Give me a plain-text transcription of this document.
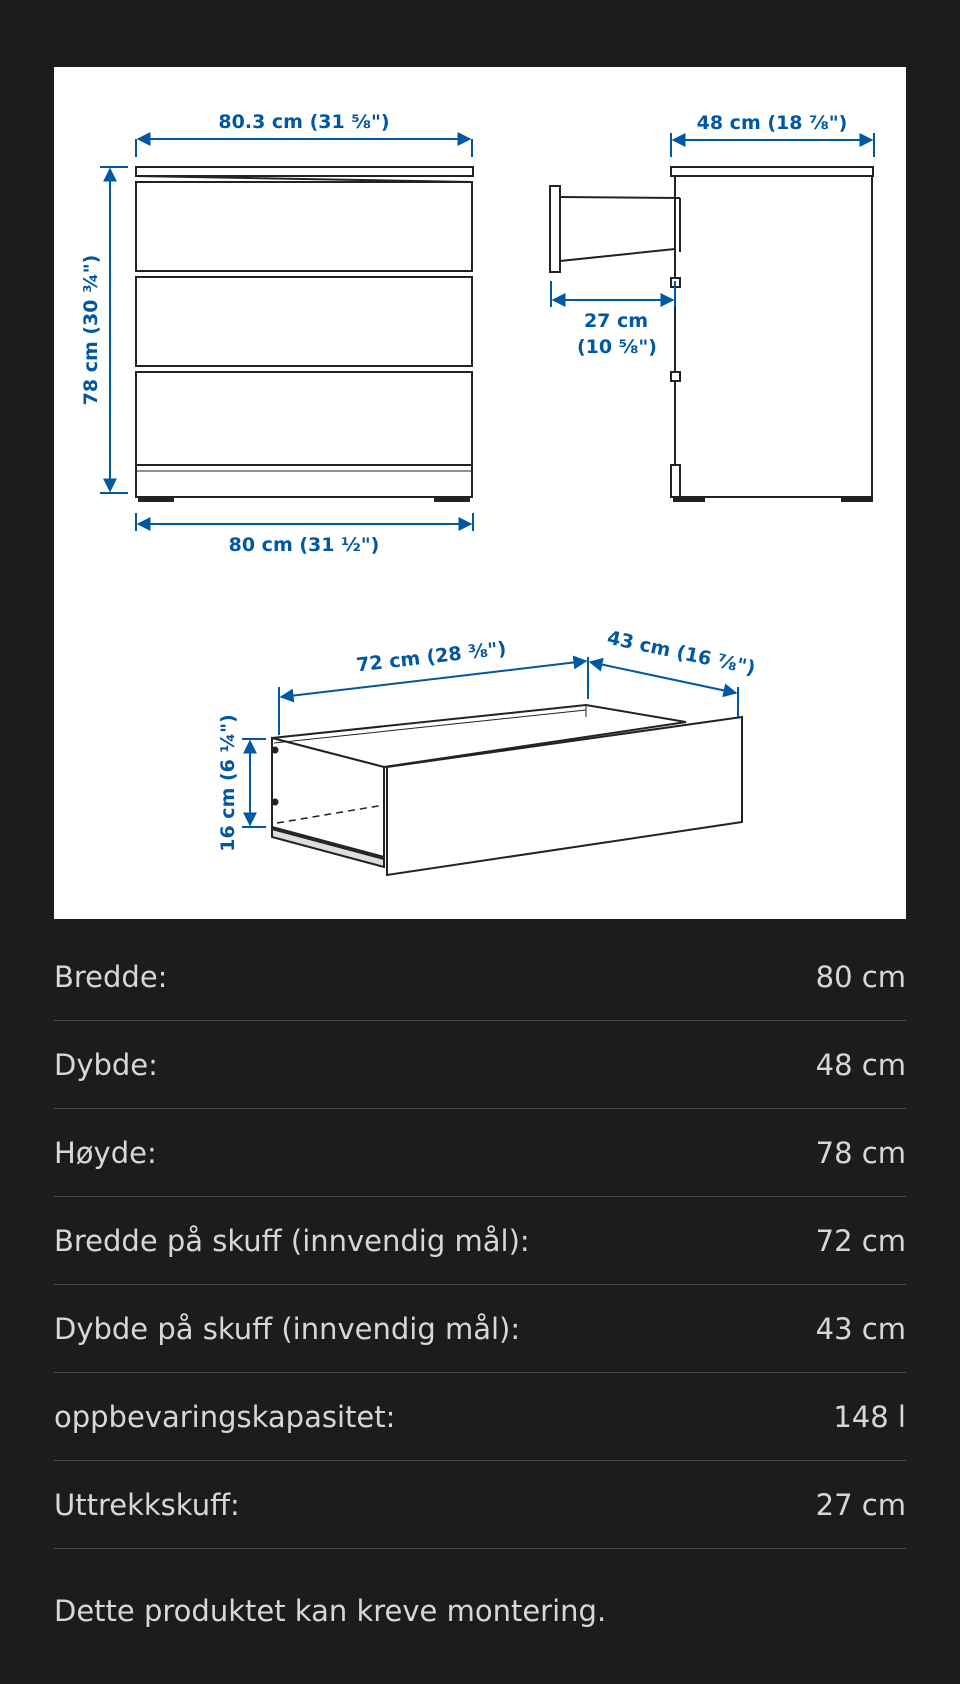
80.3 cm (31 ⅝")
80 cm (31 ½")
78 cm (30 ¾")
48 cm (18 ⅞")
27 cm
(10 ⅝")
72 cm (28 ⅜")	43 cm (16 ⅞")
16 cm (6 ¼")
Bredde:	80 cm
Dybde:	48 cm
Høyde:	78 cm
Bredde på skuff (innvendig mål):	72 cm
Dybde på skuff (innvendig mål):	43 cm
oppbevaringskapasitet:	148 l
Uttrekkskuff:	27 cm
Dette produktet kan kreve montering.
